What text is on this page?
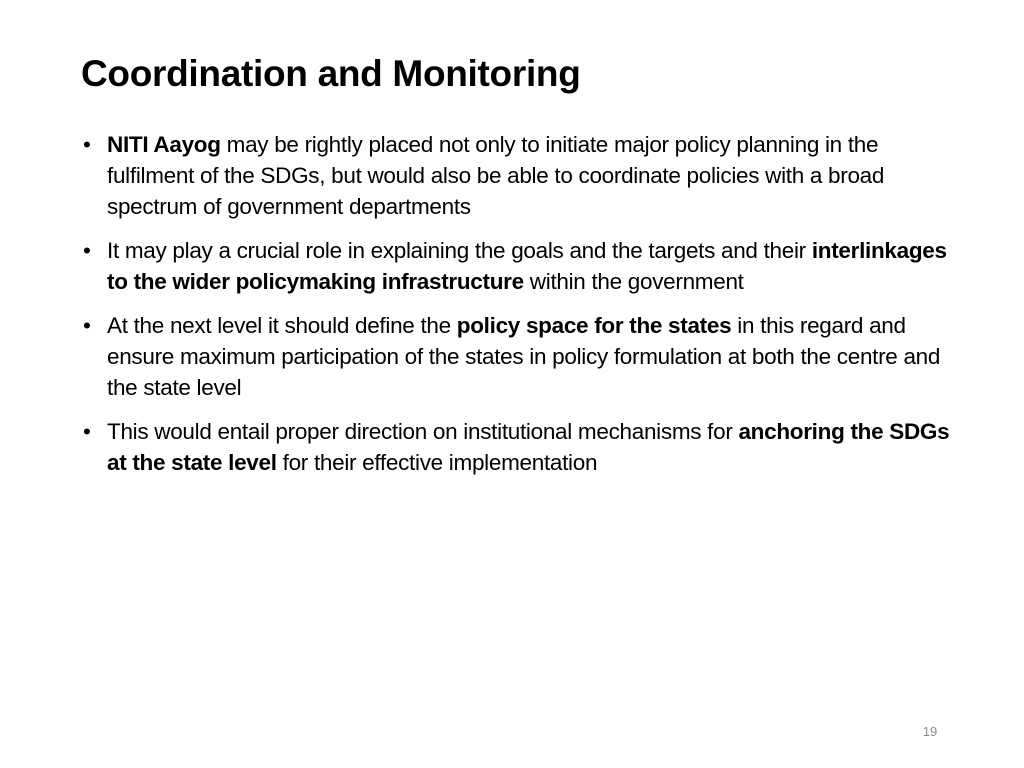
Coordination and Monitoring
• NITI Aayog may be rightly placed not only to initiate major policy planning in the fulfilment of the SDGs, but would also be able to coordinate policies with a broad spectrum of government departments
• It may play a crucial role in explaining the goals and the targets and their interlinkages to the wider policymaking infrastructure within the government
• At the next level it should define the policy space for the states in this regard and ensure maximum participation of the states in policy formulation at both the centre and the state level
• This would entail proper direction on institutional mechanisms for anchoring the SDGs at the state level for their effective implementation
19
